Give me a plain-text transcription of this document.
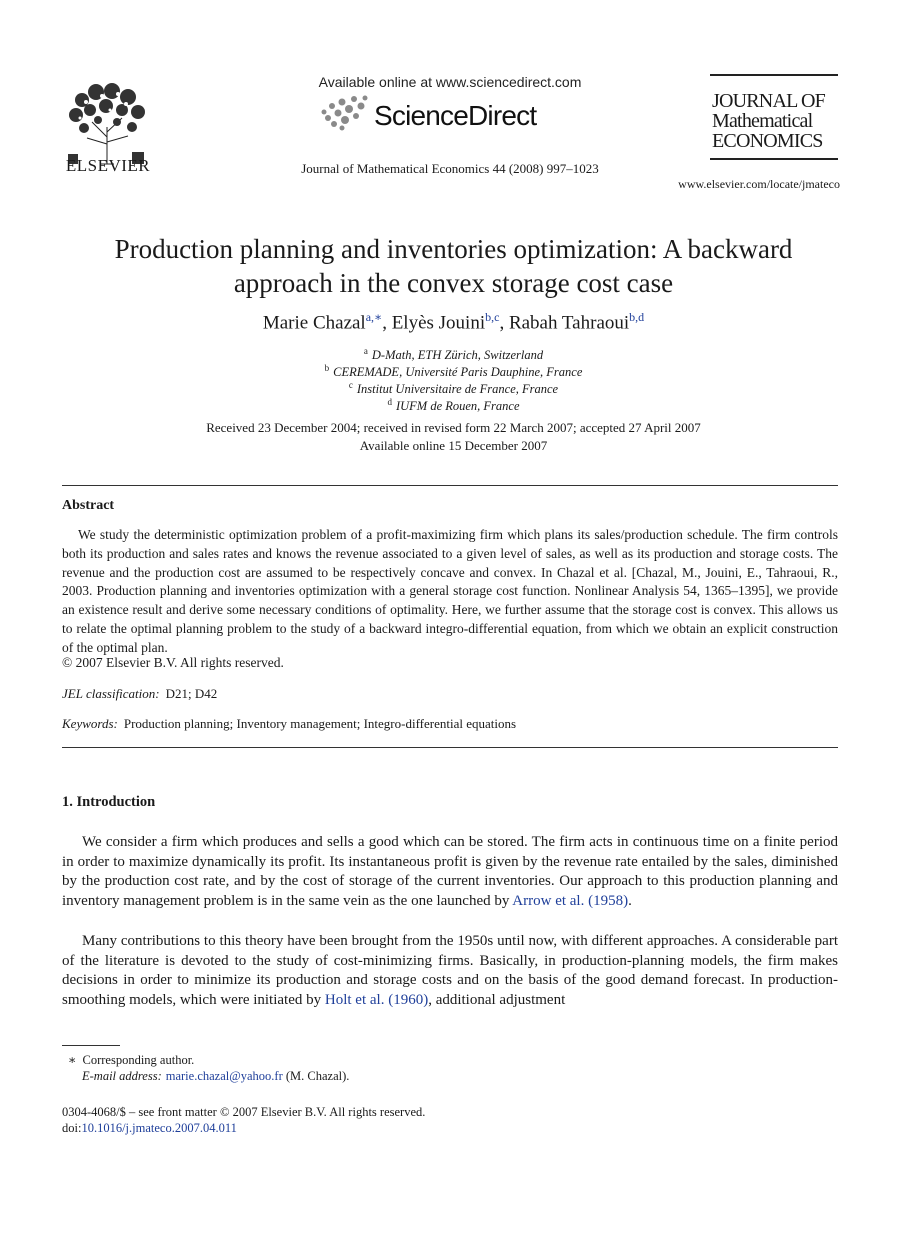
ELSEVIER
Available online at www.sciencedirect.com
ScienceDirect
Journal of Mathematical Economics 44 (2008) 997–1023
JOURNAL OF
Mathematical
ECONOMICS
www.elsevier.com/locate/jmateco
Production planning and inventories optimization: A backward
approach in the convex storage cost case
Marie Chazal$^{a,∗}$, Elyès Jouini$^{b,c}$, Rabah Tahraoui$^{b,d}$
$^a$ D-Math, ETH Zürich, Switzerland
$^b$ CEREMADE, Université Paris Dauphine, France
$^c$ Institut Universitaire de France, France
$^d$ IUFM de Rouen, France
Received 23 December 2004; received in revised form 22 March 2007; accepted 27 April 2007
Available online 15 December 2007
Abstract
We study the deterministic optimization problem of a profit-maximizing firm which plans its sales/production schedule. The firm controls both its production and sales rates and knows the revenue associated to a given level of sales, as well as its production and storage costs. The revenue and the production cost are assumed to be respectively concave and convex. In Chazal et al. [Chazal, M., Jouini, E., Tahraoui, R., 2003. Production planning and inventories optimization with a general storage cost function. Nonlinear Analysis 54, 1365–1395], we provide an existence result and derive some necessary conditions of optimality. Here, we further assume that the storage cost is convex. This allows us to relate the optimal planning problem to the study of a backward integro-differential equation, from which we obtain an explicit construction of the optimal plan.
© 2007 Elsevier B.V. All rights reserved.
JEL classification: D21; D42
Keywords: Production planning; Inventory management; Integro-differential equations
1. Introduction
We consider a firm which produces and sells a good which can be stored. The firm acts in continuous time on a finite period in order to maximize dynamically its profit. Its instantaneous profit is given by the revenue rate entailed by the sales, diminished by the production cost rate, and by the cost of storage of the current inventories. Our approach to this production planning and inventory management problem is in the same vein as the one launched by Arrow et al. (1958).
Many contributions to this theory have been brought from the 1950s until now, with different approaches. A considerable part of the literature is devoted to the study of cost-minimizing firms. Basically, in production-planning models, the firm makes decisions in order to minimize its production and storage costs and on the basis of the good demand forecast. In production-smoothing models, which were initiated by Holt et al. (1960), additional adjustment
∗ Corresponding author.
E-mail address: marie.chazal@yahoo.fr (M. Chazal).
0304-4068/$ – see front matter © 2007 Elsevier B.V. All rights reserved.
doi:10.1016/j.jmateco.2007.04.011
